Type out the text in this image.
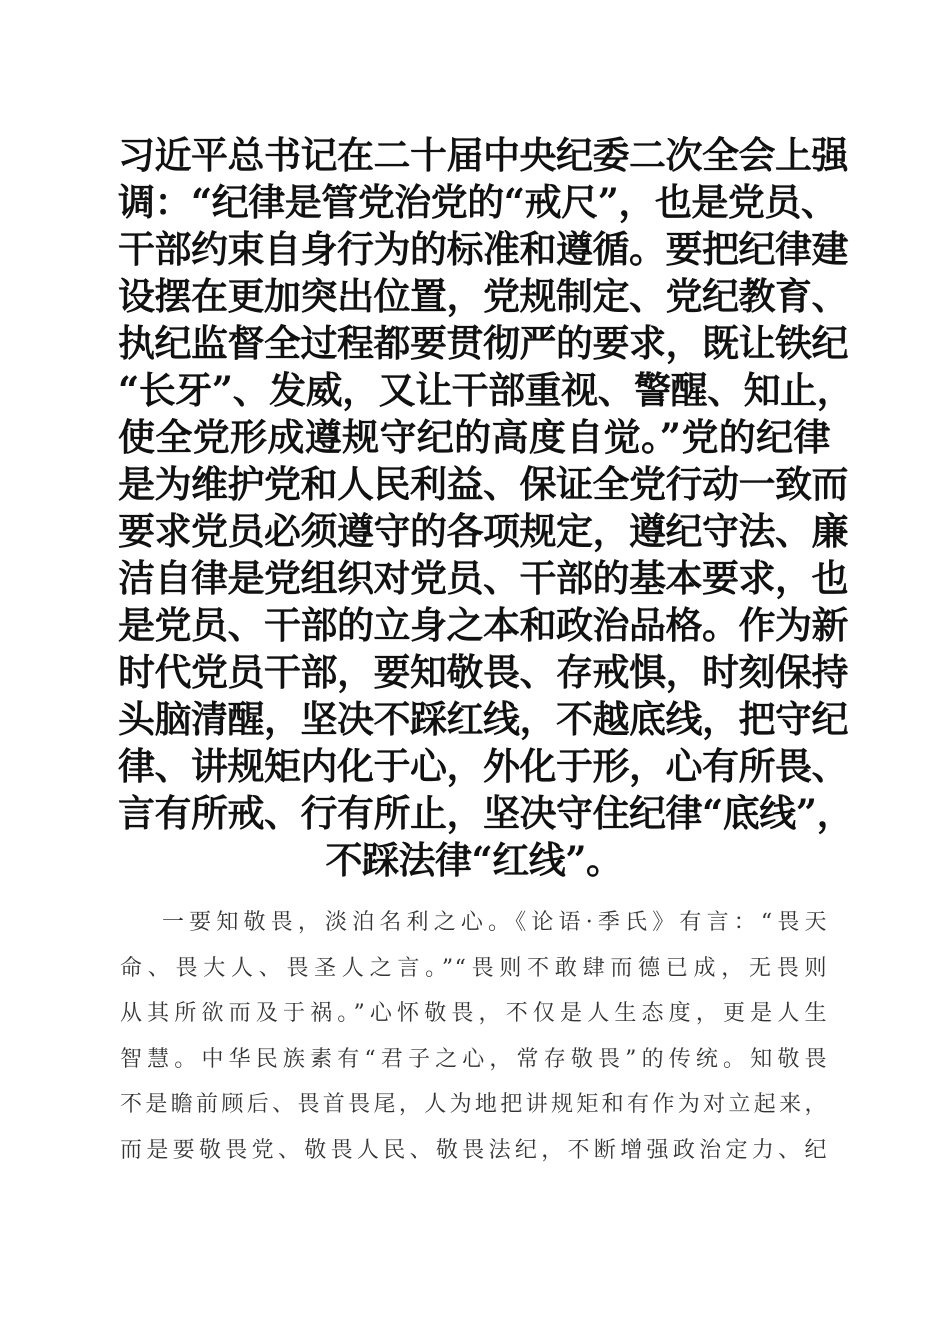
习近平总书记在二十届中央纪委二次全会上强
调：“纪律是管党治党的“戒尺”，也是党员、
干部约束自身行为的标准和遵循。要把纪律建
设摆在更加突出位置，党规制定、党纪教育、
执纪监督全过程都要贯彻严的要求，既让铁纪
“长牙”、发威，又让干部重视、警醒、知止，
使全党形成遵规守纪的高度自觉。”党的纪律
是为维护党和人民利益、保证全党行动一致而
要求党员必须遵守的各项规定，遵纪守法、廉
洁自律是党组织对党员、干部的基本要求，也
是党员、干部的立身之本和政治品格。作为新
时代党员干部，要知敬畏、存戒惧，时刻保持
头脑清醒，坚决不踩红线，不越底线，把守纪
律、讲规矩内化于心，外化于形，心有所畏、
言有所戒、行有所止，坚决守住纪律“底线”，
不踩法律“红线”。
一要知敬畏，淡泊名利之心。《论语·季氏》有言：“畏天
命、畏大人、畏圣人之言。”“畏则不敢肆而德已成，无畏则
从其所欲而及于祸。”心怀敬畏，不仅是人生态度，更是人生
智慧。中华民族素有“君子之心，常存敬畏”的传统。知敬畏
不是瞻前顾后、畏首畏尾，人为地把讲规矩和有作为对立起来，
而是要敬畏党、敬畏人民、敬畏法纪，不断增强政治定力、纪
